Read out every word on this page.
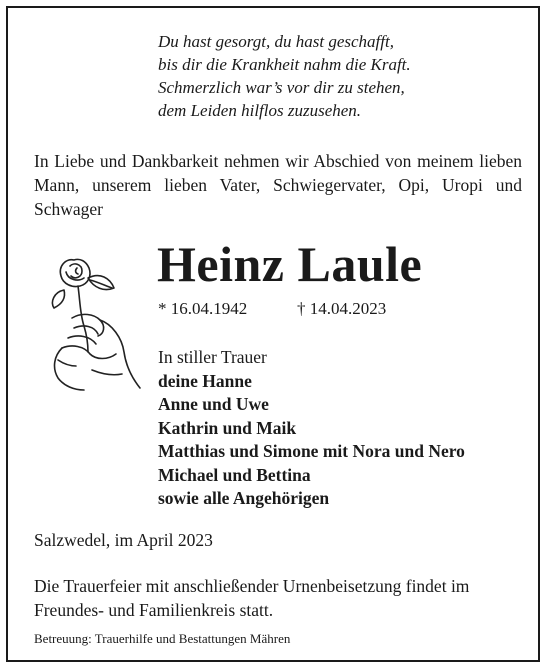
Du hast gesorgt, du hast geschafft,
bis dir die Krankheit nahm die Kraft.
Schmerzlich war’s vor dir zu stehen,
dem Leiden hilflos zuzusehen.
In Liebe und Dankbarkeit nehmen wir Abschied von meinem lieben Mann, unserem lieben Vater, Schwiegervater, Opi, Uropi und Schwager
Heinz Laule
* 16.04.1942	† 14.04.2023
In stiller Trauer
deine Hanne
Anne und Uwe
Kathrin und Maik
Matthias und Simone mit Nora und Nero
Michael und Bettina
sowie alle Angehörigen
Salzwedel, im April 2023
Die Trauerfeier mit anschließender Urnenbeisetzung findet im Freundes- und Familienkreis statt.
Betreuung: Trauerhilfe und Bestattungen Mähren
